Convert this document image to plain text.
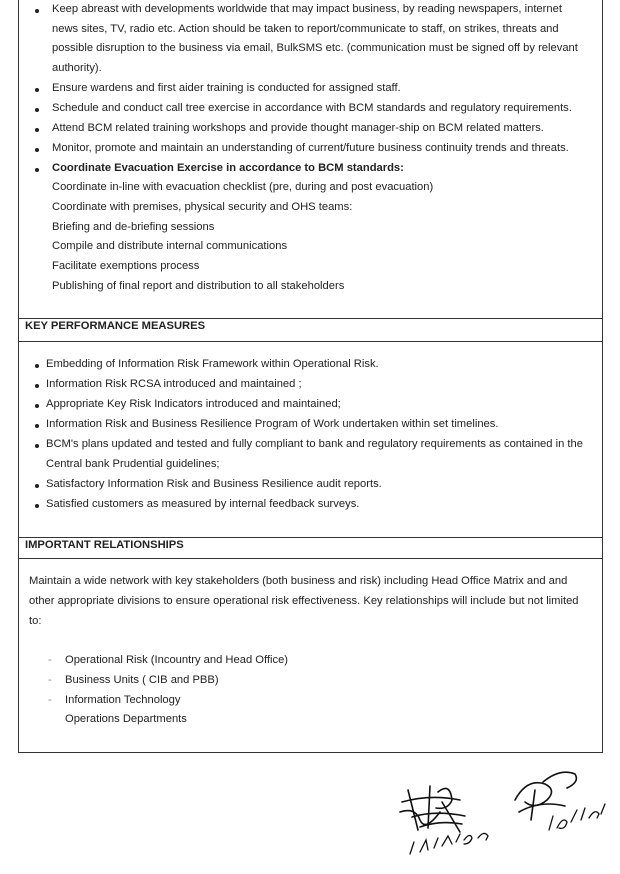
Keep abreast with developments worldwide that may impact business, by reading newspapers, internet
news sites, TV, radio etc. Action should be taken to report/communicate to staff, on strikes, threats and
possible disruption to the business via email, BulkSMS etc. (communication must be signed off by relevant
authority).
Ensure wardens and first aider training is conducted for assigned staff.
Schedule and conduct call tree exercise in accordance with BCM standards and regulatory requirements.
Attend BCM related training workshops and provide thought manager-ship on BCM related matters.
Monitor, promote and maintain an understanding of current/future business continuity trends and threats.
Coordinate Evacuation Exercise in accordance to BCM standards:
Coordinate in-line with evacuation checklist (pre, during and post evacuation)
Coordinate with premises, physical security and OHS teams:
Briefing and de-briefing sessions
Compile and distribute internal communications
Facilitate exemptions process
Publishing of final report and distribution to all stakeholders
KEY PERFORMANCE MEASURES
Embedding of Information Risk Framework within Operational Risk.
Information Risk RCSA introduced and maintained ;
Appropriate Key Risk Indicators introduced and maintained;
Information Risk and Business Resilience Program of Work undertaken within set timelines.
BCM's plans updated and tested and fully compliant to bank and regulatory requirements as contained in the
Central bank Prudential guidelines;
Satisfactory Information Risk and Business Resilience audit reports.
Satisfied customers as measured by internal feedback surveys.
IMPORTANT RELATIONSHIPS
Maintain a wide network with key stakeholders (both business and risk) including Head Office Matrix and and
other appropriate divisions to ensure operational risk effectiveness. Key relationships will include but not limited
to:
- Operational Risk (Incountry and Head Office)
- Business Units ( CIB and PBB)
- Information Technology
Operations Departments
